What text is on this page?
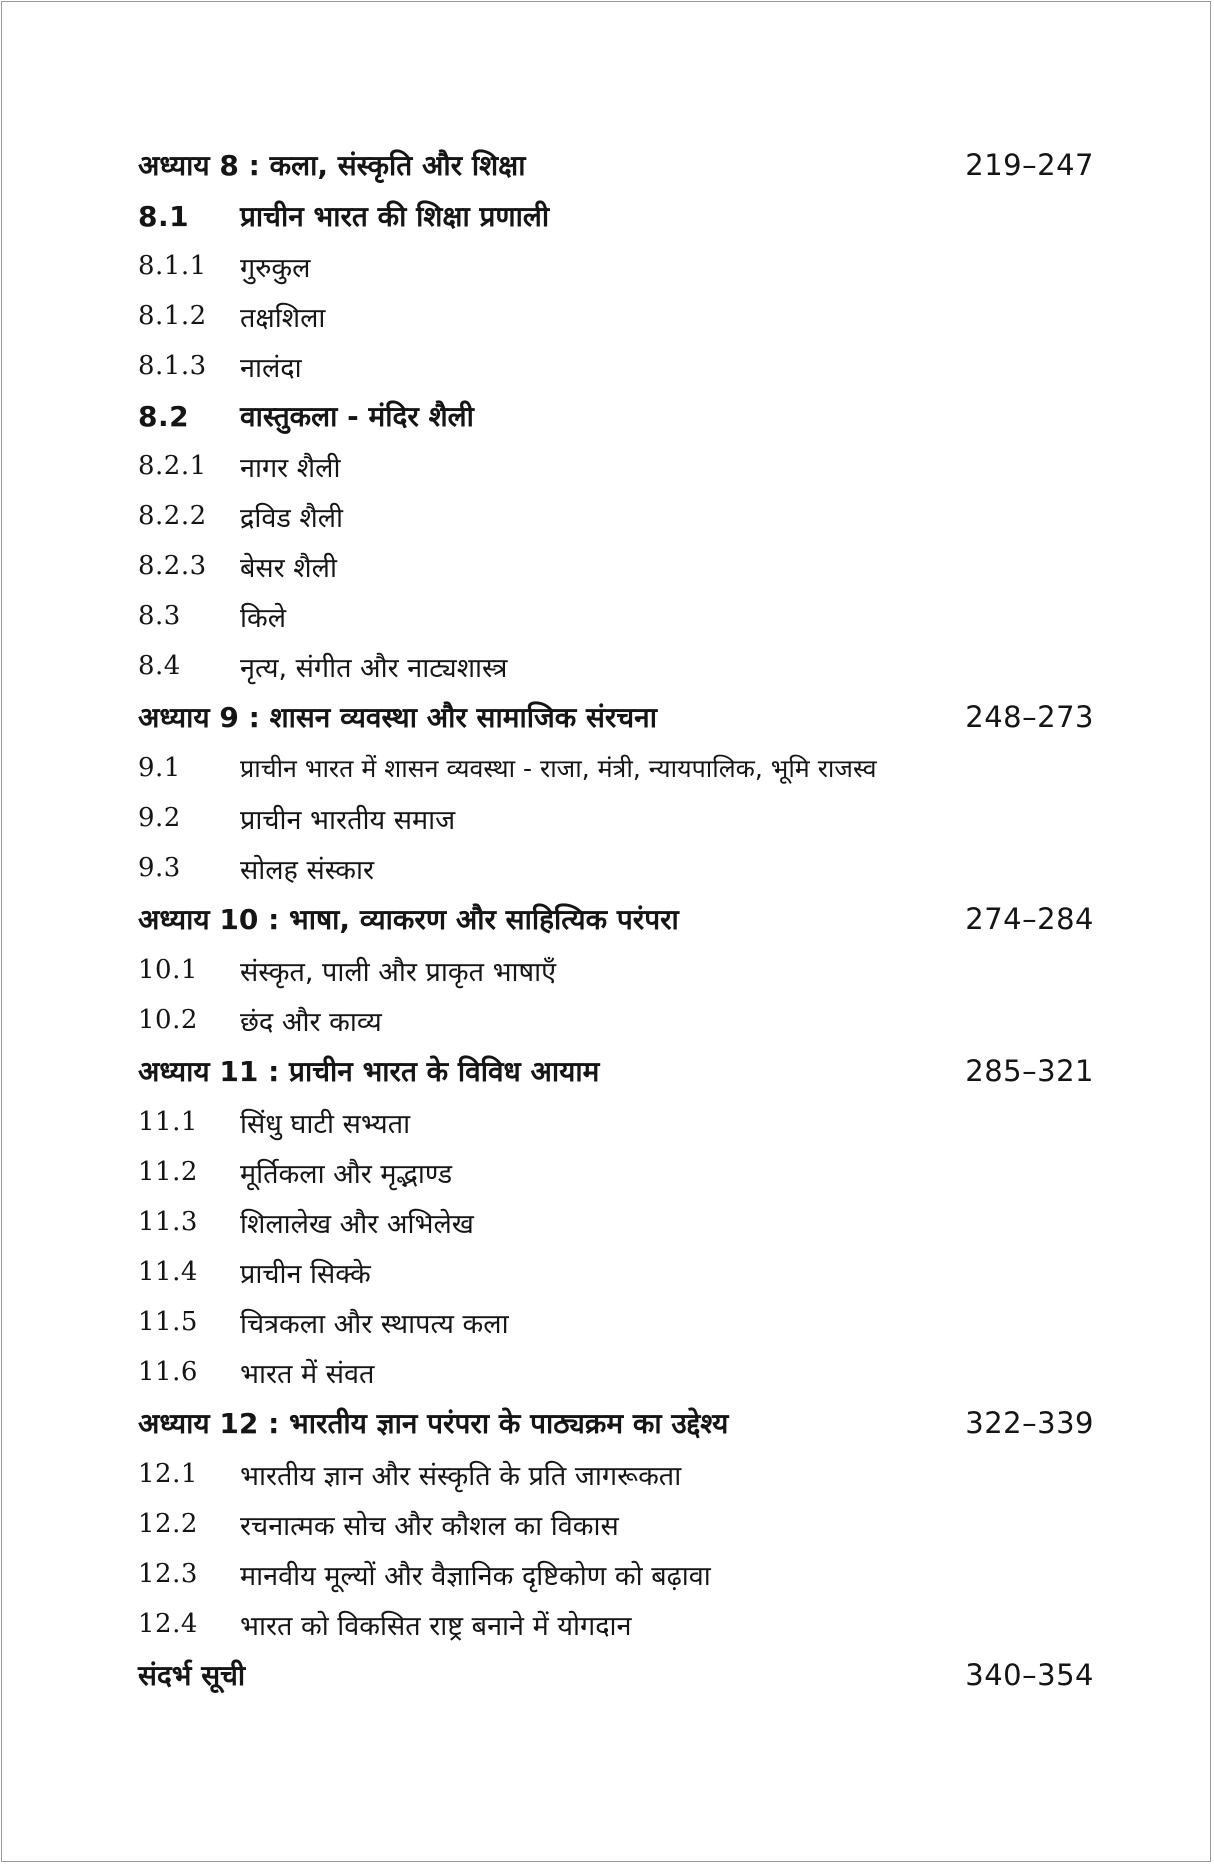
अध्याय 8 : कला, संस्कृति और शिक्षा	219–247
8.1	प्राचीन भारत की शिक्षा प्रणाली
8.1.1	गुरुकुल
8.1.2	तक्षशिला
8.1.3	नालंदा
8.2	वास्तुकला - मंदिर शैली
8.2.1	नागर शैली
8.2.2	द्रविड शैली
8.2.3	बेसर शैली
8.3	किले
8.4	नृत्य, संगीत और नाट्यशास्त्र
अध्याय 9 : शासन व्यवस्था और सामाजिक संरचना	248–273
9.1	प्राचीन भारत में शासन व्यवस्था - राजा, मंत्री, न्यायपालिक, भूमि राजस्व
9.2	प्राचीन भारतीय समाज
9.3	सोलह संस्कार
अध्याय 10 : भाषा, व्याकरण और साहित्यिक परंपरा	274–284
10.1	संस्कृत, पाली और प्राकृत भाषाएँ
10.2	छंद और काव्य
अध्याय 11 : प्राचीन भारत के विविध आयाम	285–321
11.1	सिंधु घाटी सभ्यता
11.2	मूर्तिकला और मृद्भाण्ड
11.3	शिलालेख और अभिलेख
11.4	प्राचीन सिक्के
11.5	चित्रकला और स्थापत्य कला
11.6	भारत में संवत
अध्याय 12 : भारतीय ज्ञान परंपरा के पाठ्यक्रम का उद्देश्य	322–339
12.1	भारतीय ज्ञान और संस्कृति के प्रति जागरूकता
12.2	रचनात्मक सोच और कौशल का विकास
12.3	मानवीय मूल्यों और वैज्ञानिक दृष्टिकोण को बढ़ावा
12.4	भारत को विकसित राष्ट्र बनाने में योगदान
संदर्भ सूची	340–354
